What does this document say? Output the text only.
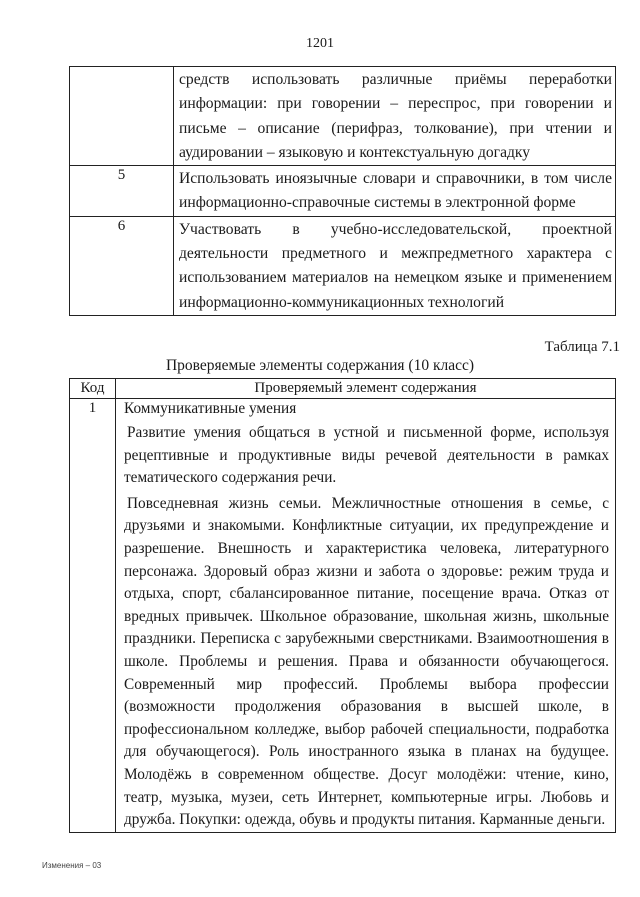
1201
	средств использовать различные приёмы переработки информации: при говорении – переспрос, при говорении и письме – описание (перифраз, толкование), при чтении и аудировании – языковую и контекстуальную догадку
5	Использовать иноязычные словари и справочники, в том числе информационно-справочные системы в электронной форме
6	Участвовать в учебно-исследовательской, проектной деятельности предметного и межпредметного характера с использованием материалов на немецком языке и применением информационно-коммуникационных технологий
Таблица 7.1
Проверяемые элементы содержания (10 класс)
Код	Проверяемый элемент содержания
1	Коммуникативные умения
Развитие умения общаться в устной и письменной форме, используя рецептивные и продуктивные виды речевой деятельности в рамках тематического содержания речи.
Повседневная жизнь семьи. Межличностные отношения в семье, с друзьями и знакомыми. Конфликтные ситуации, их предупреждение и разрешение. Внешность и характеристика человека, литературного персонажа. Здоровый образ жизни и забота о здоровье: режим труда и отдыха, спорт, сбалансированное питание, посещение врача. Отказ от вредных привычек. Школьное образование, школьная жизнь, школьные праздники. Переписка с зарубежными сверстниками. Взаимоотношения в школе. Проблемы и решения. Права и обязанности обучающегося. Современный мир профессий. Проблемы выбора профессии (возможности продолжения образования в высшей школе, в профессиональном колледже, выбор рабочей специальности, подработка для обучающегося). Роль иностранного языка в планах на будущее. Молодёжь в современном обществе. Досуг молодёжи: чтение, кино, театр, музыка, музеи, сеть Интернет, компьютерные игры. Любовь и дружба. Покупки: одежда, обувь и продукты питания. Карманные деньги.
Изменения – 03
